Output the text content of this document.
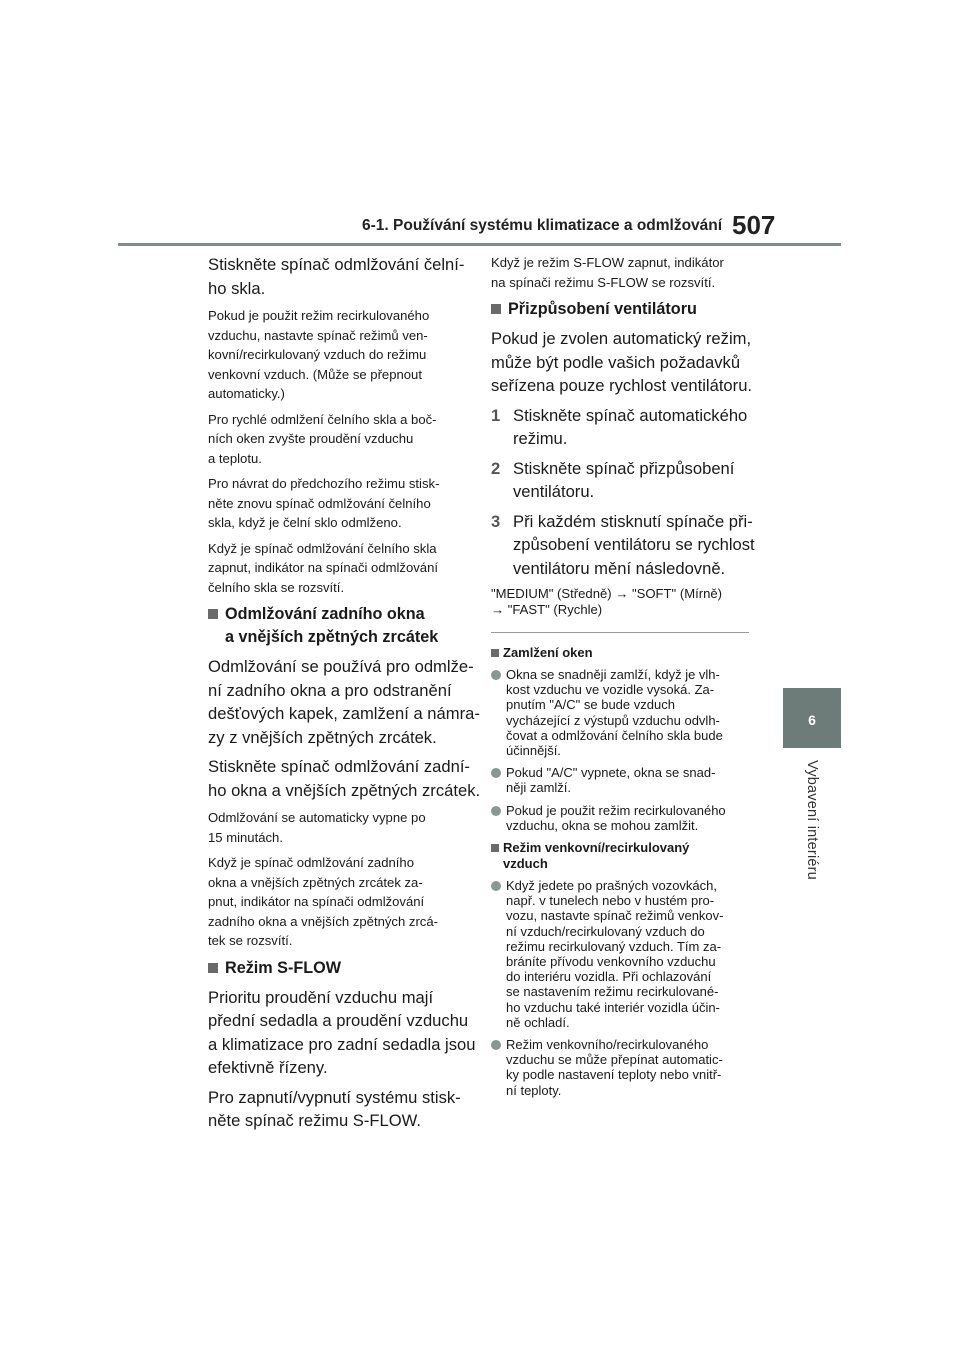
6-1. Používání systému klimatizace a odmlžování 507
6
Vybavení interiéru

Stiskněte spínač odmlžování čelní-
ho skla.

Pokud je použit režim recirkulovaného
vzduchu, nastavte spínač režimů ven-
kovní/recirkulovaný vzduch do režimu
venkovní vzduch. (Může se přepnout
automaticky.)

Pro rychlé odmlžení čelního skla a boč-
ních oken zvyšte proudění vzduchu
a teplotu.

Pro návrat do předchozího režimu stisk-
něte znovu spínač odmlžování čelního
skla, když je čelní sklo odmlženo.

Když je spínač odmlžování čelního skla
zapnut, indikátor na spínači odmlžování
čelního skla se rozsvítí.

Odmlžování zadního okna
a vnějších zpětných zrcátek

Odmlžování se používá pro odmlže-
ní zadního okna a pro odstranění
dešťových kapek, zamlžení a námra-
zy z vnějších zpětných zrcátek.

Stiskněte spínač odmlžování zadní-
ho okna a vnějších zpětných zrcátek.

Odmlžování se automaticky vypne po
15 minutách.

Když je spínač odmlžování zadního
okna a vnějších zpětných zrcátek za-
pnut, indikátor na spínači odmlžování
zadního okna a vnějších zpětných zrcá-
tek se rozsvítí.

Režim S-FLOW

Prioritu proudění vzduchu mají
přední sedadla a proudění vzduchu
a klimatizace pro zadní sedadla jsou
efektivně řízeny.

Pro zapnutí/vypnutí systému stisk-
něte spínač režimu S-FLOW.

Když je režim S-FLOW zapnut, indikátor
na spínači režimu S-FLOW se rozsvítí.

Přizpůsobení ventilátoru

Pokud je zvolen automatický režim,
může být podle vašich požadavků
seřízena pouze rychlost ventilátoru.

1 Stiskněte spínač automatického
režimu.
2 Stiskněte spínač přizpůsobení
ventilátoru.
3 Při každém stisknutí spínače při-
způsobení ventilátoru se rychlost
ventilátoru mění následovně.

"MEDIUM" (Středně) → "SOFT" (Mírně)
→ "FAST" (Rychle)

Zamlžení oken
Okna se snadněji zamlží, když je vlh-
kost vzduchu ve vozidle vysoká. Za-
pnutím "A/C" se bude vzduch
vycházející z výstupů vzduchu odvlh-
čovat a odmlžování čelního skla bude
účinnější.
Pokud "A/C" vypnete, okna se snad-
něji zamlží.
Pokud je použit režim recirkulovaného
vzduchu, okna se mohou zamlžit.
Režim venkovní/recirkulovaný
vzduch
Když jedete po prašných vozovkách,
např. v tunelech nebo v hustém pro-
vozu, nastavte spínač režimů venkov-
ní vzduch/recirkulovaný vzduch do
režimu recirkulovaný vzduch. Tím za-
bráníte přívodu venkovního vzduchu
do interiéru vozidla. Při ochlazování
se nastavením režimu recirkulované-
ho vzduchu také interiér vozidla účin-
ně ochladí.
Režim venkovního/recirkulovaného
vzduchu se může přepínat automatic-
ky podle nastavení teploty nebo vnitř-
ní teploty.
